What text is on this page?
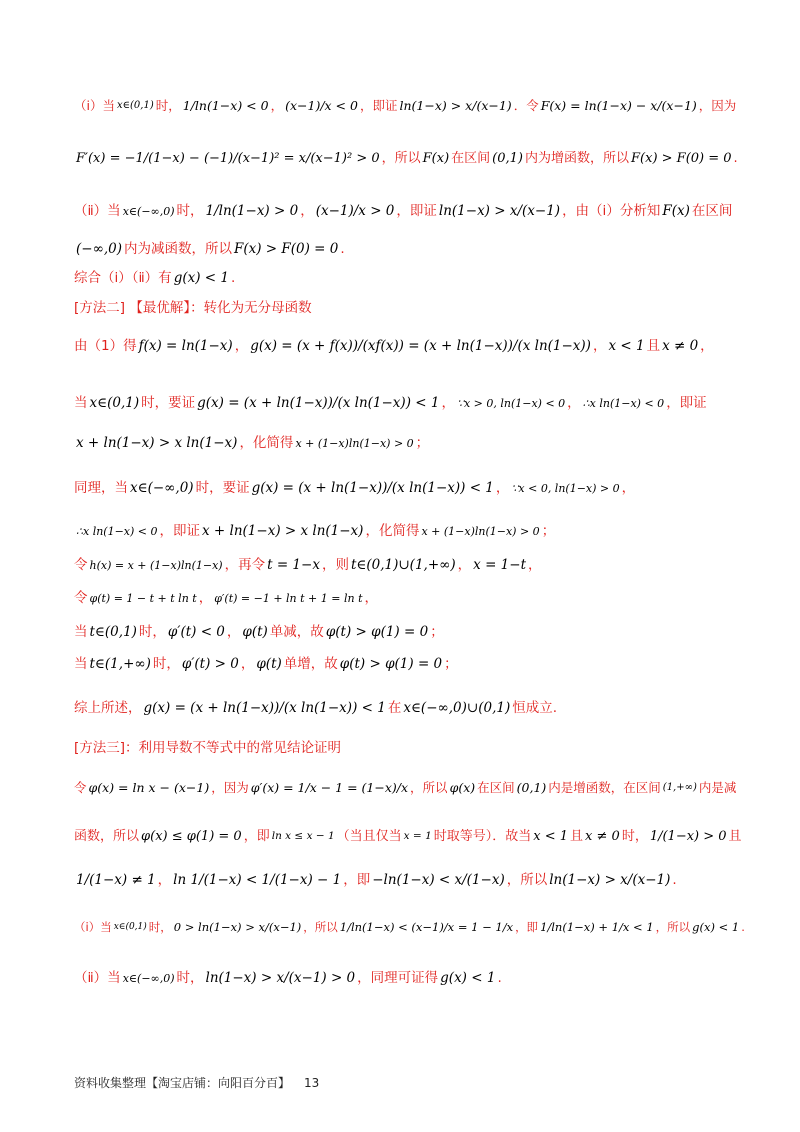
（ⅰ）当 x∈(0,1) 时， 1/ln(1−x) < 0 ， (x−1)/x < 0 ，即证 ln(1−x) > x/(x−1) ．令 F(x) = ln(1−x) − x/(x−1) ，因为
F′(x) = −1/(1−x) − (−1)/(x−1)² = x/(x−1)² > 0 ，所以 F(x) 在区间 (0,1) 内为增函数，所以 F(x) > F(0) = 0 .
（ⅱ）当 x∈(−∞,0) 时， 1/ln(1−x) > 0 ， (x−1)/x > 0 ，即证 ln(1−x) > x/(x−1) ，由（ⅰ）分析知 F(x) 在区间
(−∞,0) 内为减函数，所以 F(x) > F(0) = 0 .
综合（ⅰ）（ⅱ）有 g(x) < 1 .
[方法二] 【最优解】：转化为无分母函数
由（1）得 f(x) = ln(1−x) ， g(x) = (x + f(x))/(xf(x)) = (x + ln(1−x))/(x ln(1−x)) ， x < 1 且 x ≠ 0 ，
当 x∈(0,1) 时，要证 g(x) = (x + ln(1−x))/(x ln(1−x)) < 1 ， ∵x > 0, ln(1−x) < 0 ， ∴x ln(1−x) < 0 ，即证
x + ln(1−x) > x ln(1−x) ，化简得 x + (1−x)ln(1−x) > 0 ；
同理，当 x∈(−∞,0) 时，要证 g(x) = (x + ln(1−x))/(x ln(1−x)) < 1 ， ∵x < 0, ln(1−x) > 0 ，
∴x ln(1−x) < 0 ，即证 x + ln(1−x) > x ln(1−x) ，化简得 x + (1−x)ln(1−x) > 0 ；
令 h(x) = x + (1−x)ln(1−x) ，再令 t = 1−x ，则 t∈(0,1)∪(1,+∞) ， x = 1−t ，
令 φ(t) = 1 − t + t ln t ， φ′(t) = −1 + ln t + 1 = ln t ，
当 t∈(0,1) 时， φ′(t) < 0 ， φ(t) 单减，故 φ(t) > φ(1) = 0 ；
当 t∈(1,+∞) 时， φ′(t) > 0 ， φ(t) 单增，故 φ(t) > φ(1) = 0 ；
综上所述， g(x) = (x + ln(1−x))/(x ln(1−x)) < 1 在 x∈(−∞,0)∪(0,1) 恒成立.
[方法三]：利用导数不等式中的常见结论证明
令 φ(x) = ln x − (x−1) ，因为 φ′(x) = 1/x − 1 = (1−x)/x ，所以 φ(x) 在区间 (0,1) 内是增函数，在区间 (1,+∞) 内是减
函数，所以 φ(x) ≤ φ(1) = 0 ，即 ln x ≤ x − 1 （当且仅当 x = 1 时取等号）．故当 x < 1 且 x ≠ 0 时， 1/(1−x) > 0 且
1/(1−x) ≠ 1 ， ln 1/(1−x) < 1/(1−x) − 1 ，即 −ln(1−x) < x/(1−x) ，所以 ln(1−x) > x/(x−1) .
（ⅰ）当 x∈(0,1) 时， 0 > ln(1−x) > x/(x−1) ，所以 1/ln(1−x) < (x−1)/x = 1 − 1/x ，即 1/ln(1−x) + 1/x < 1 ，所以 g(x) < 1 .
（ⅱ）当 x∈(−∞,0) 时， ln(1−x) > x/(x−1) > 0 ，同理可证得 g(x) < 1 .
资料收集整理【淘宝店铺：向阳百分百】 13
